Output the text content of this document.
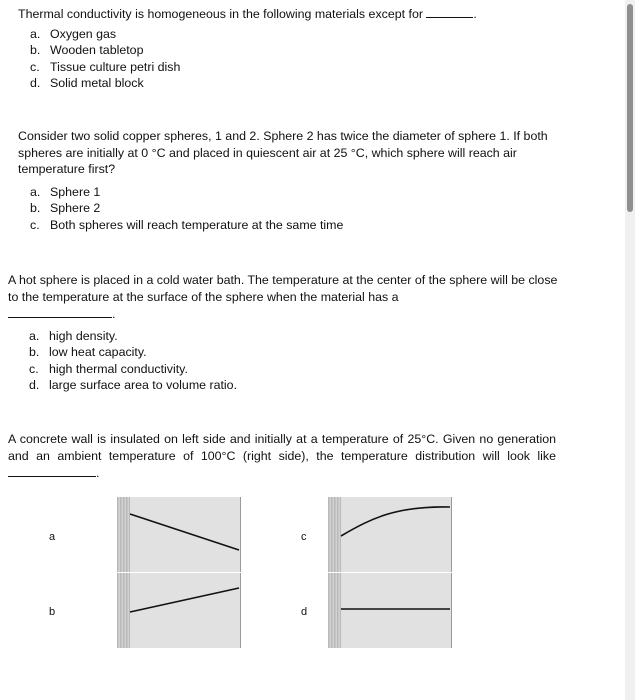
Thermal conductivity is homogeneous in the following materials except for	.

a. Oxygen gas
b. Wooden tabletop
c. Tissue culture petri dish
d. Solid metal block

Consider two solid copper spheres, 1 and 2. Sphere 2 has twice the diameter of sphere 1. If both spheres are initially at 0 °C and placed in quiescent air at 25 °C, which sphere will reach air temperature first?

a. Sphere 1
b. Sphere 2
c. Both spheres will reach temperature at the same time

A hot sphere is placed in a cold water bath. The temperature at the center of the sphere will be close to the temperature at the surface of the sphere when the material has a

.

a. high density.
b. low heat capacity.
c. high thermal conductivity.
d. large surface area to volume ratio.

A concrete wall is insulated on left side and initially at a temperature of 25°C. Given no generation and an ambient temperature of 100°C (right side), the temperature distribution will look like .

a
b
c
d
